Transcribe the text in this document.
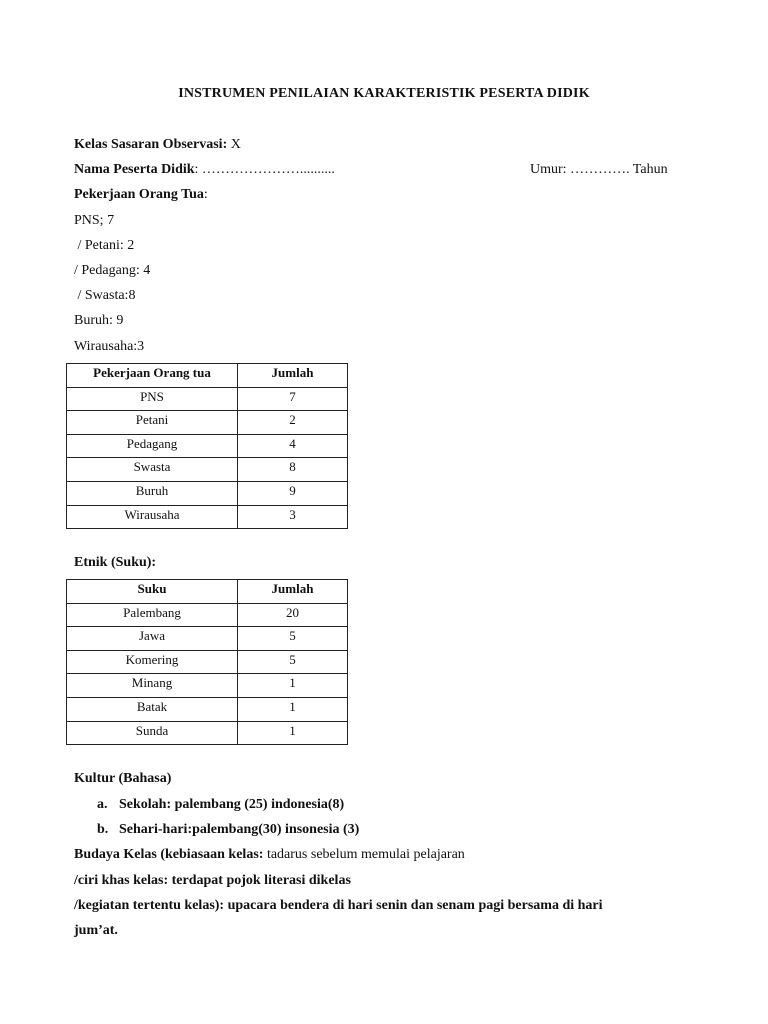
INSTRUMEN PENILAIAN KARAKTERISTIK PESERTA DIDIK
Kelas Sasaran Observasi: X
Nama Peserta Didik: …………………..........	Umur: …………. Tahun
Pekerjaan Orang Tua:
PNS; 7
/ Petani: 2
/ Pedagang: 4
/ Swasta:8
Buruh: 9
Wirausaha:3
Pekerjaan Orang tua	Jumlah
PNS	7
Petani	2
Pedagang	4
Swasta	8
Buruh	9
Wirausaha	3
Etnik (Suku):
Suku	Jumlah
Palembang	20
Jawa	5
Komering	5
Minang	1
Batak	1
Sunda	1
Kultur (Bahasa)
a. Sekolah: palembang (25) indonesia(8)
b. Sehari-hari:palembang(30) insonesia (3)
Budaya Kelas (kebiasaan kelas: tadarus sebelum memulai pelajaran
/ciri khas kelas: terdapat pojok literasi dikelas
/kegiatan tertentu kelas): upacara bendera di hari senin dan senam pagi bersama di hari
jum’at.
